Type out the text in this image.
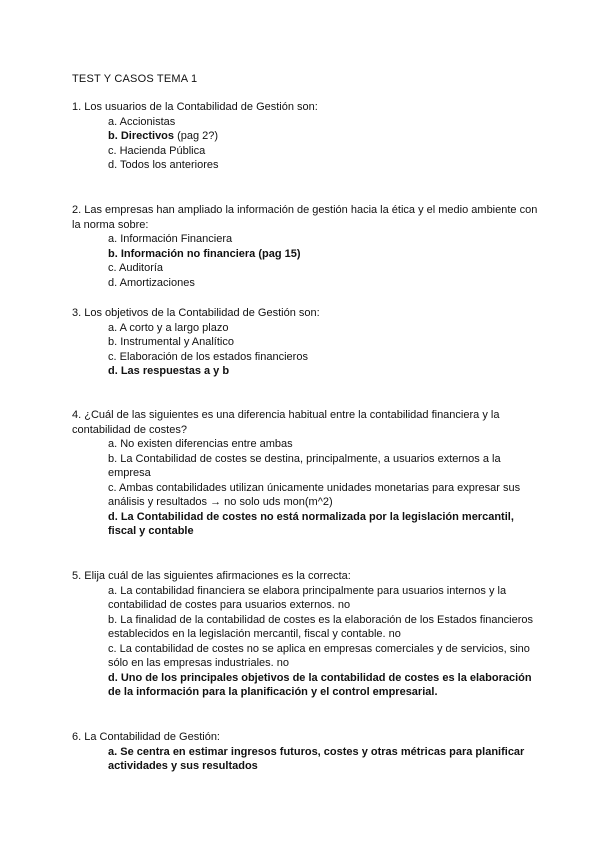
TEST Y CASOS TEMA 1

1. Los usuarios de la Contabilidad de Gestión son:

a. Accionistas

b. Directivos (pag 2?)

c. Hacienda Pública

d. Todos los anteriores

2. Las empresas han ampliado la información de gestión hacia la ética y el medio ambiente con la norma sobre:

a. Información Financiera

b. Información no financiera (pag 15)

c. Auditoría

d. Amortizaciones

3. Los objetivos de la Contabilidad de Gestión son:

a. A corto y a largo plazo

b. Instrumental y Analítico

c. Elaboración de los estados financieros

d. Las respuestas a y b

4. ¿Cuál de las siguientes es una diferencia habitual entre la contabilidad financiera y la contabilidad de costes?

a. No existen diferencias entre ambas

b. La Contabilidad de costes se destina, principalmente, a usuarios externos a la empresa

c. Ambas contabilidades utilizan únicamente unidades monetarias para expresar sus análisis y resultados → no solo uds mon(m^2)

d. La Contabilidad de costes no está normalizada por la legislación mercantil, fiscal y contable

5. Elija cuál de las siguientes afirmaciones es la correcta:

a. La contabilidad financiera se elabora principalmente para usuarios internos y la contabilidad de costes para usuarios externos. no

b. La finalidad de la contabilidad de costes es la elaboración de los Estados financieros establecidos en la legislación mercantil, fiscal y contable. no

c. La contabilidad de costes no se aplica en empresas comerciales y de servicios, sino sólo en las empresas industriales. no

d. Uno de los principales objetivos de la contabilidad de costes es la elaboración de la información para la planificación y el control empresarial.

6. La Contabilidad de Gestión:

a. Se centra en estimar ingresos futuros, costes y otras métricas para planificar actividades y sus resultados
